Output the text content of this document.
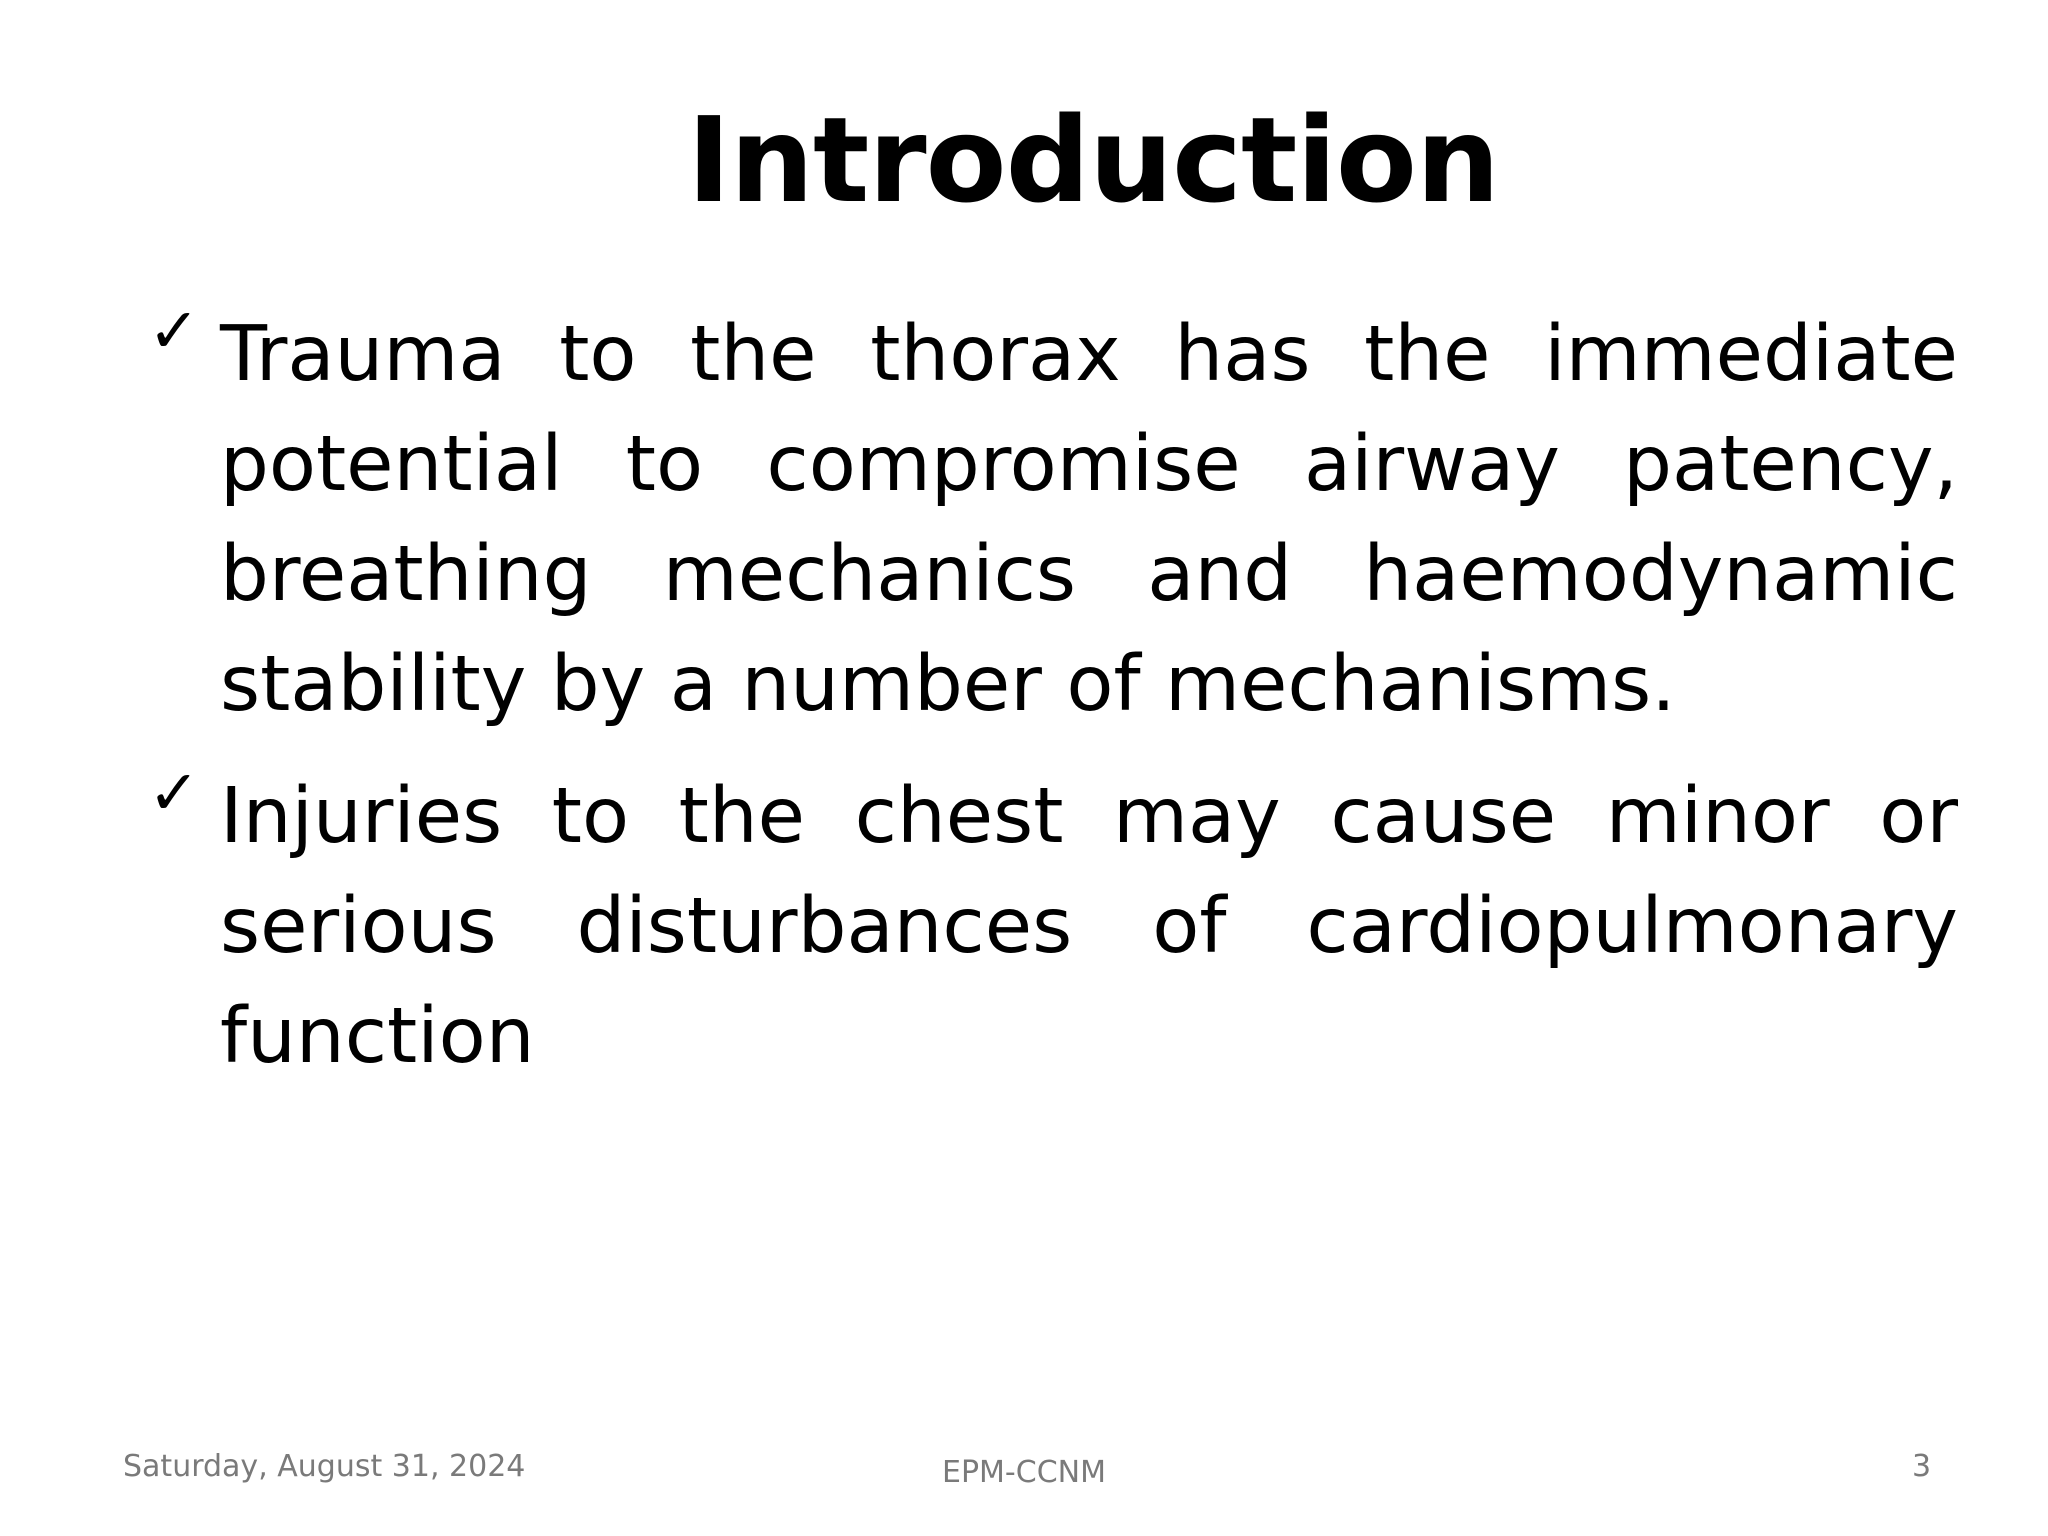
Introduction
✓ Trauma to the thorax has the immediate potential to compromise airway patency, breathing mechanics and haemodynamic stability by a number of mechanisms.
✓ Injuries to the chest may cause minor or serious disturbances of cardiopulmonary function
Saturday, August 31, 2024	EPM-CCNM	3
